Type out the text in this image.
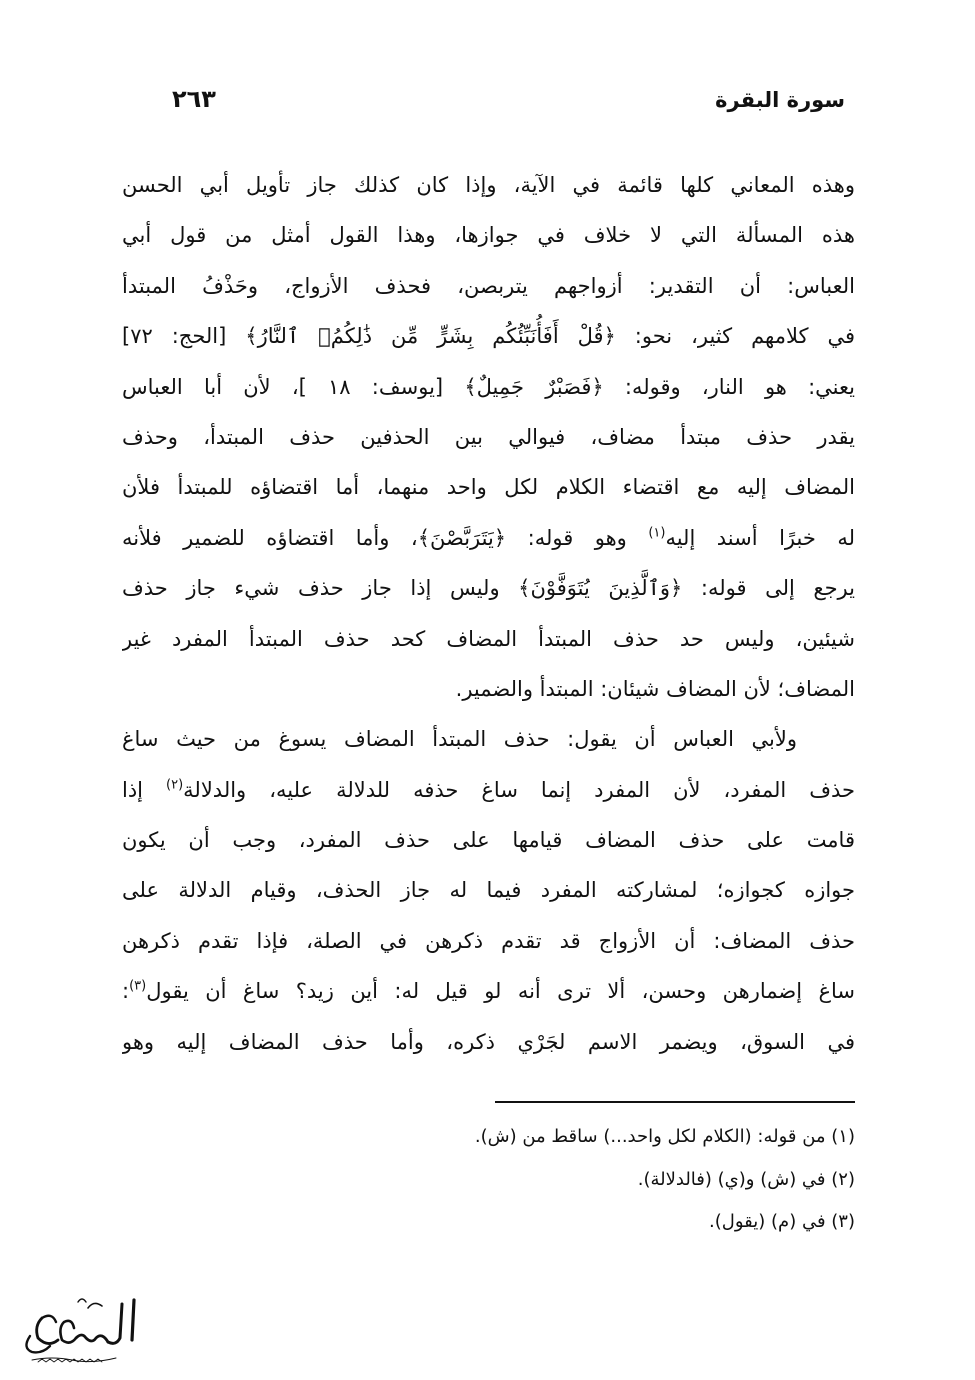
سورة البقرة
٢٦٣
وهذه المعاني كلها قائمة في الآية، وإذا كان كذلك جاز تأويل أبي الحسن
هذه المسألة التي لا خلاف في جوازها، وهذا القول أمثل من قول أبي
العباس: أن التقدير: أزواجهم يتربصن، فحذف الأزواج، وحَذْفُ المبتدأ
في كلامهم كثير، نحو: ﴿قُلْ أَفَأُنَبِّئُكُم بِشَرٍّ مِّن ذَٰلِكُمُۗ ٱلنَّارُ﴾ [الحج: ٧٢]
يعني: هو النار، وقوله: ﴿فَصَبْرٌ جَمِيلٌ﴾ [يوسف: ١٨ ]، لأن أبا العباس
يقدر حذف مبتدأ مضاف، فيوالي بين الحذفين حذف المبتدأ، وحذف
المضاف إليه مع اقتضاء الكلام لكل واحد منهما، أما اقتضاؤه للمبتدأ فلأن
له خبرًا أسند إليه$^{(١)}$ وهو قوله: ﴿يَتَرَبَّصْنَ﴾، وأما اقتضاؤه للضمير فلأنه
يرجع إلى قوله: ﴿وَٱلَّذِينَ يُتَوَفَّوْنَ﴾ وليس إذا جاز حذف شيء جاز حذف
شيئين، وليس حد حذف المبتدأ المضاف كحد حذف المبتدأ المفرد غير
المضاف؛ لأن المضاف شيئان: المبتدأ والضمير.
ولأبي العباس أن يقول: حذف المبتدأ المضاف يسوغ من حيث ساغ
حذف المفرد، لأن المفرد إنما ساغ حذفه للدلالة عليه، والدلالة$^{(٢)}$ إذا
قامت على حذف المضاف قيامها على حذف المفرد، وجب أن يكون
جوازه كجوازه؛ لمشاركته المفرد فيما له جاز الحذف، وقيام الدلالة على
حذف المضاف: أن الأزواج قد تقدم ذكرهن في الصلة، فإذا تقدم ذكرهن
ساغ إضمارهن وحسن، ألا ترى أنه لو قيل له: أين زيد؟ ساغ أن يقول$^{(٣)}$:
في السوق، ويضمر الاسم لجَرْي ذكره، وأما حذف المضاف إليه وهو
(١) من قوله: (الكلام لكل واحد...) ساقط من (ش).
(٢) في (ش) و(ي) (فالدلالة).
(٣) في (م) (يقول).
